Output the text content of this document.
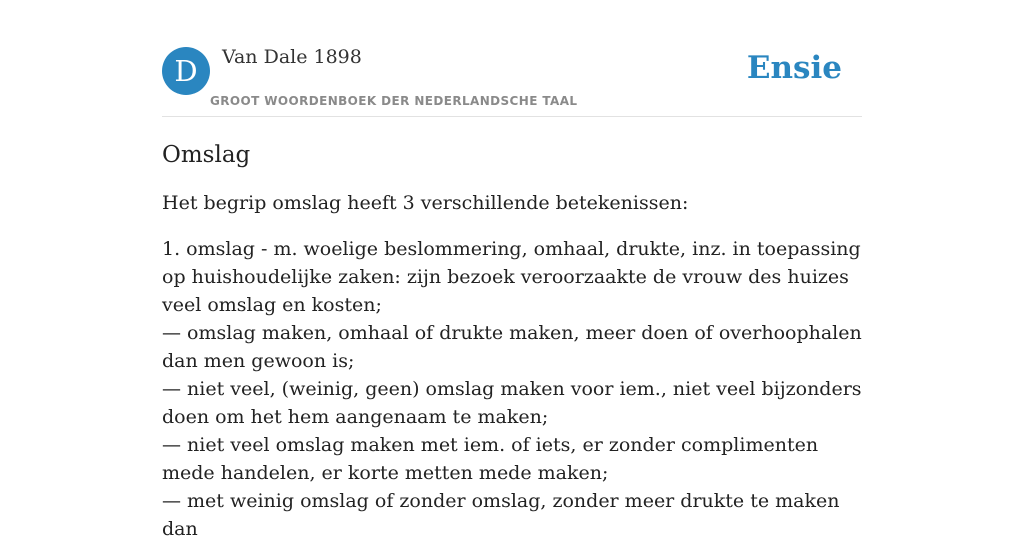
D	Van Dale 1898
GROOT WOORDENBOEK DER NEDERLANDSCHE TAAL
Ensie
Omslag

Het begrip omslag heeft 3 verschillende betekenissen:

1. omslag - m. woelige beslommering, omhaal, drukte, inz. in toepassing op huishoudelijke zaken: zijn bezoek veroorzaakte de vrouw des huizes veel omslag en kosten;
— omslag maken, omhaal of drukte maken, meer doen of overhoophalen dan men gewoon is;
— niet veel, (weinig, geen) omslag maken voor iem., niet veel bijzonders doen om het hem aangenaam te maken;
— niet veel omslag maken met iem. of iets, er zonder complimenten mede handelen, er korte metten mede maken;
— met weinig omslag of zonder omslag, zonder meer drukte te maken dan
